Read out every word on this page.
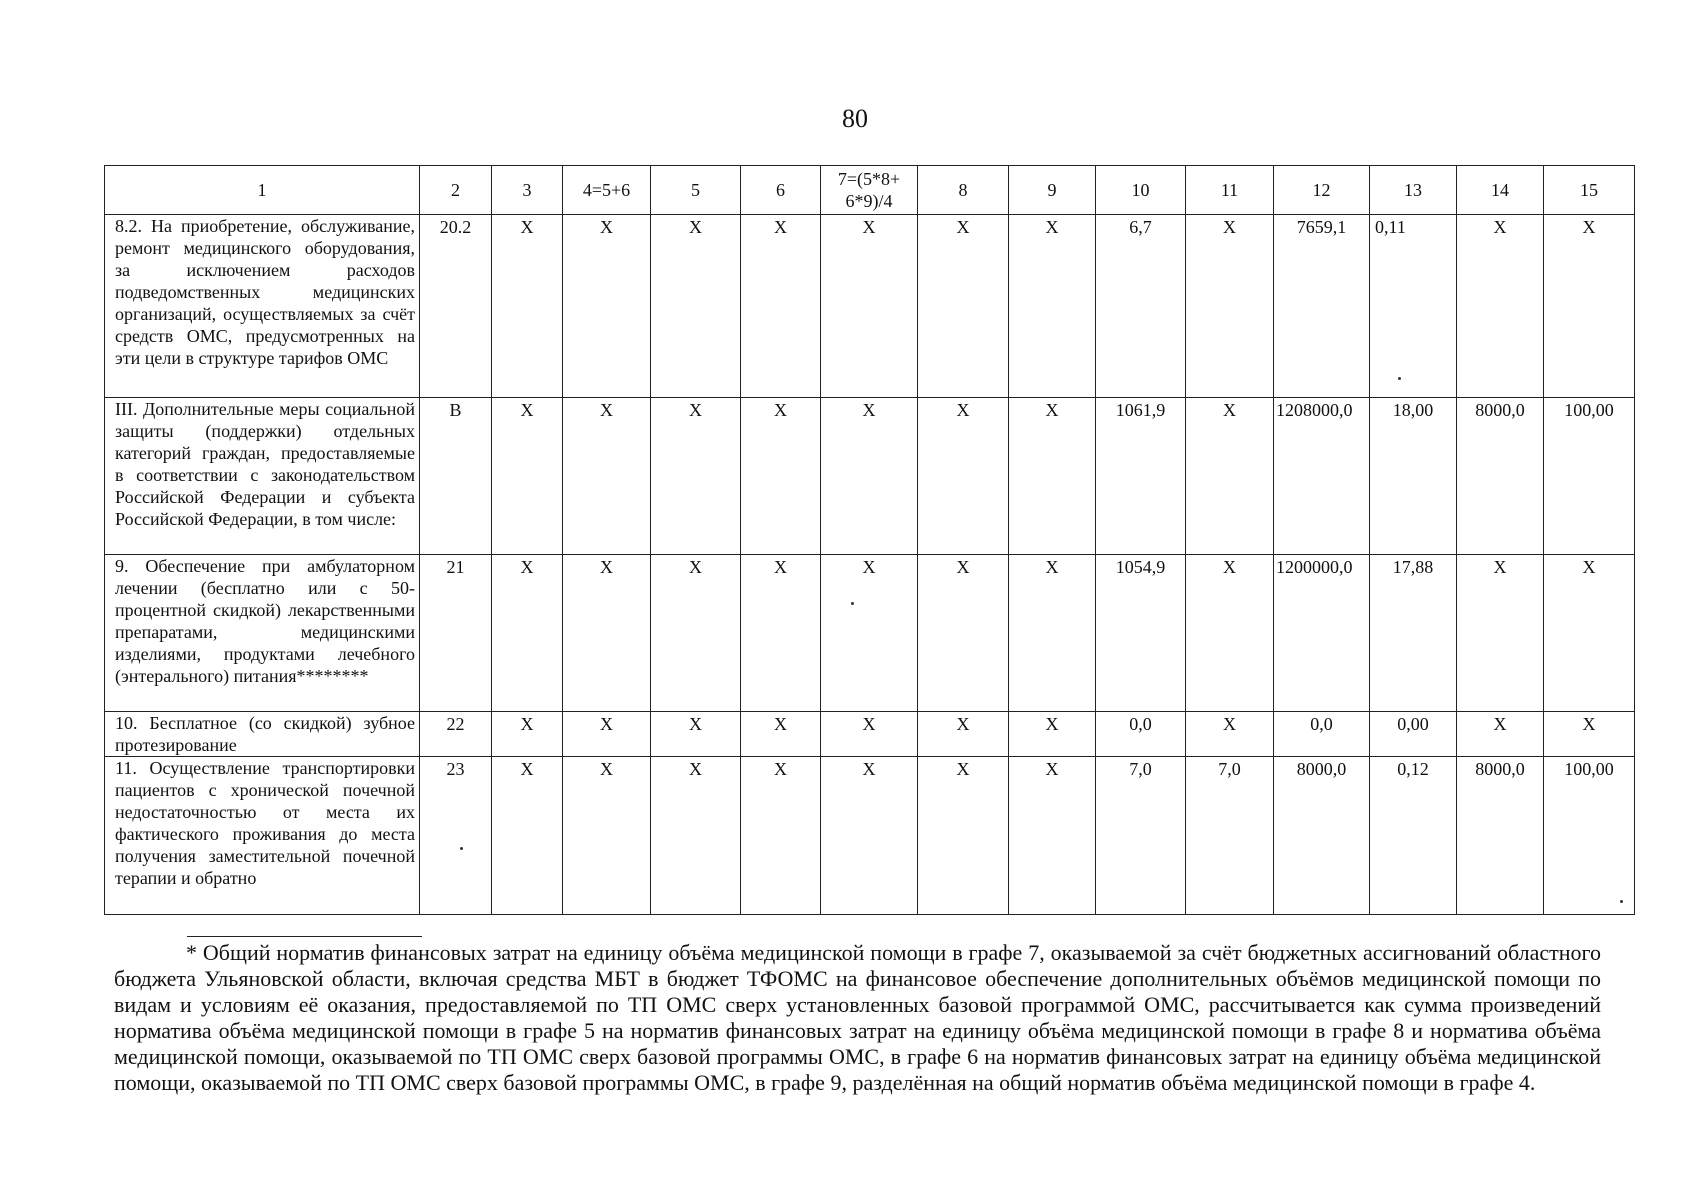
80
1	2	3	4=5+6	5	6	7=(5*8+ 6*9)/4	8	9	10	11	12	13	14	15
8.2. На приобретение, обслуживание, ремонт медицинского оборудования, за исключением расходов подведомственных медицинских организаций, осуществляемых за счёт средств ОМС, предусмотренных на эти цели в структуре тарифов ОМС	20.2	Х	Х	Х	Х	Х	Х	Х	6,7	Х	7659,1	0,11	Х	Х
III. Дополнительные меры социальной защиты (поддержки) отдельных категорий граждан, предоставляемые в соответствии с законодательством Российской Федерации и субъекта Российской Федерации, в том числе:	В	Х	Х	Х	Х	Х	Х	Х	1061,9	Х	1208000,0	18,00	8000,0	100,00
9. Обеспечение при амбулаторном лечении (бесплатно или с 50-процентной скидкой) лекарственными препаратами, медицинскими изделиями, продуктами лечебного (энтерального) питания********	21	Х	Х	Х	Х	Х	Х	Х	1054,9	Х	1200000,0	17,88	Х	Х
10. Бесплатное (со скидкой) зубное протезирование	22	Х	Х	Х	Х	Х	Х	Х	0,0	Х	0,0	0,00	Х	Х
11. Осуществление транспортировки пациентов с хронической почечной недостаточностью от места их фактического проживания до места получения заместительной почечной терапии и обратно	23	Х	Х	Х	Х	Х	Х	Х	7,0	7,0	8000,0	0,12	8000,0	100,00
* Общий норматив финансовых затрат на единицу объёма медицинской помощи в графе 7, оказываемой за счёт бюджетных ассигнований областного бюджета Ульяновской области, включая средства МБТ в бюджет ТФОМС на финансовое обеспечение дополнительных объёмов медицинской помощи по видам и условиям её оказания, предоставляемой по ТП ОМС сверх установленных базовой программой ОМС, рассчитывается как сумма произведений норматива объёма медицинской помощи в графе 5 на норматив финансовых затрат на единицу объёма медицинской помощи в графе 8 и норматива объёма медицинской помощи, оказываемой по ТП ОМС сверх базовой программы ОМС, в графе 6 на норматив финансовых затрат на единицу объёма медицинской помощи, оказываемой по ТП ОМС сверх базовой программы ОМС, в графе 9, разделённая на общий норматив объёма медицинской помощи в графе 4.
